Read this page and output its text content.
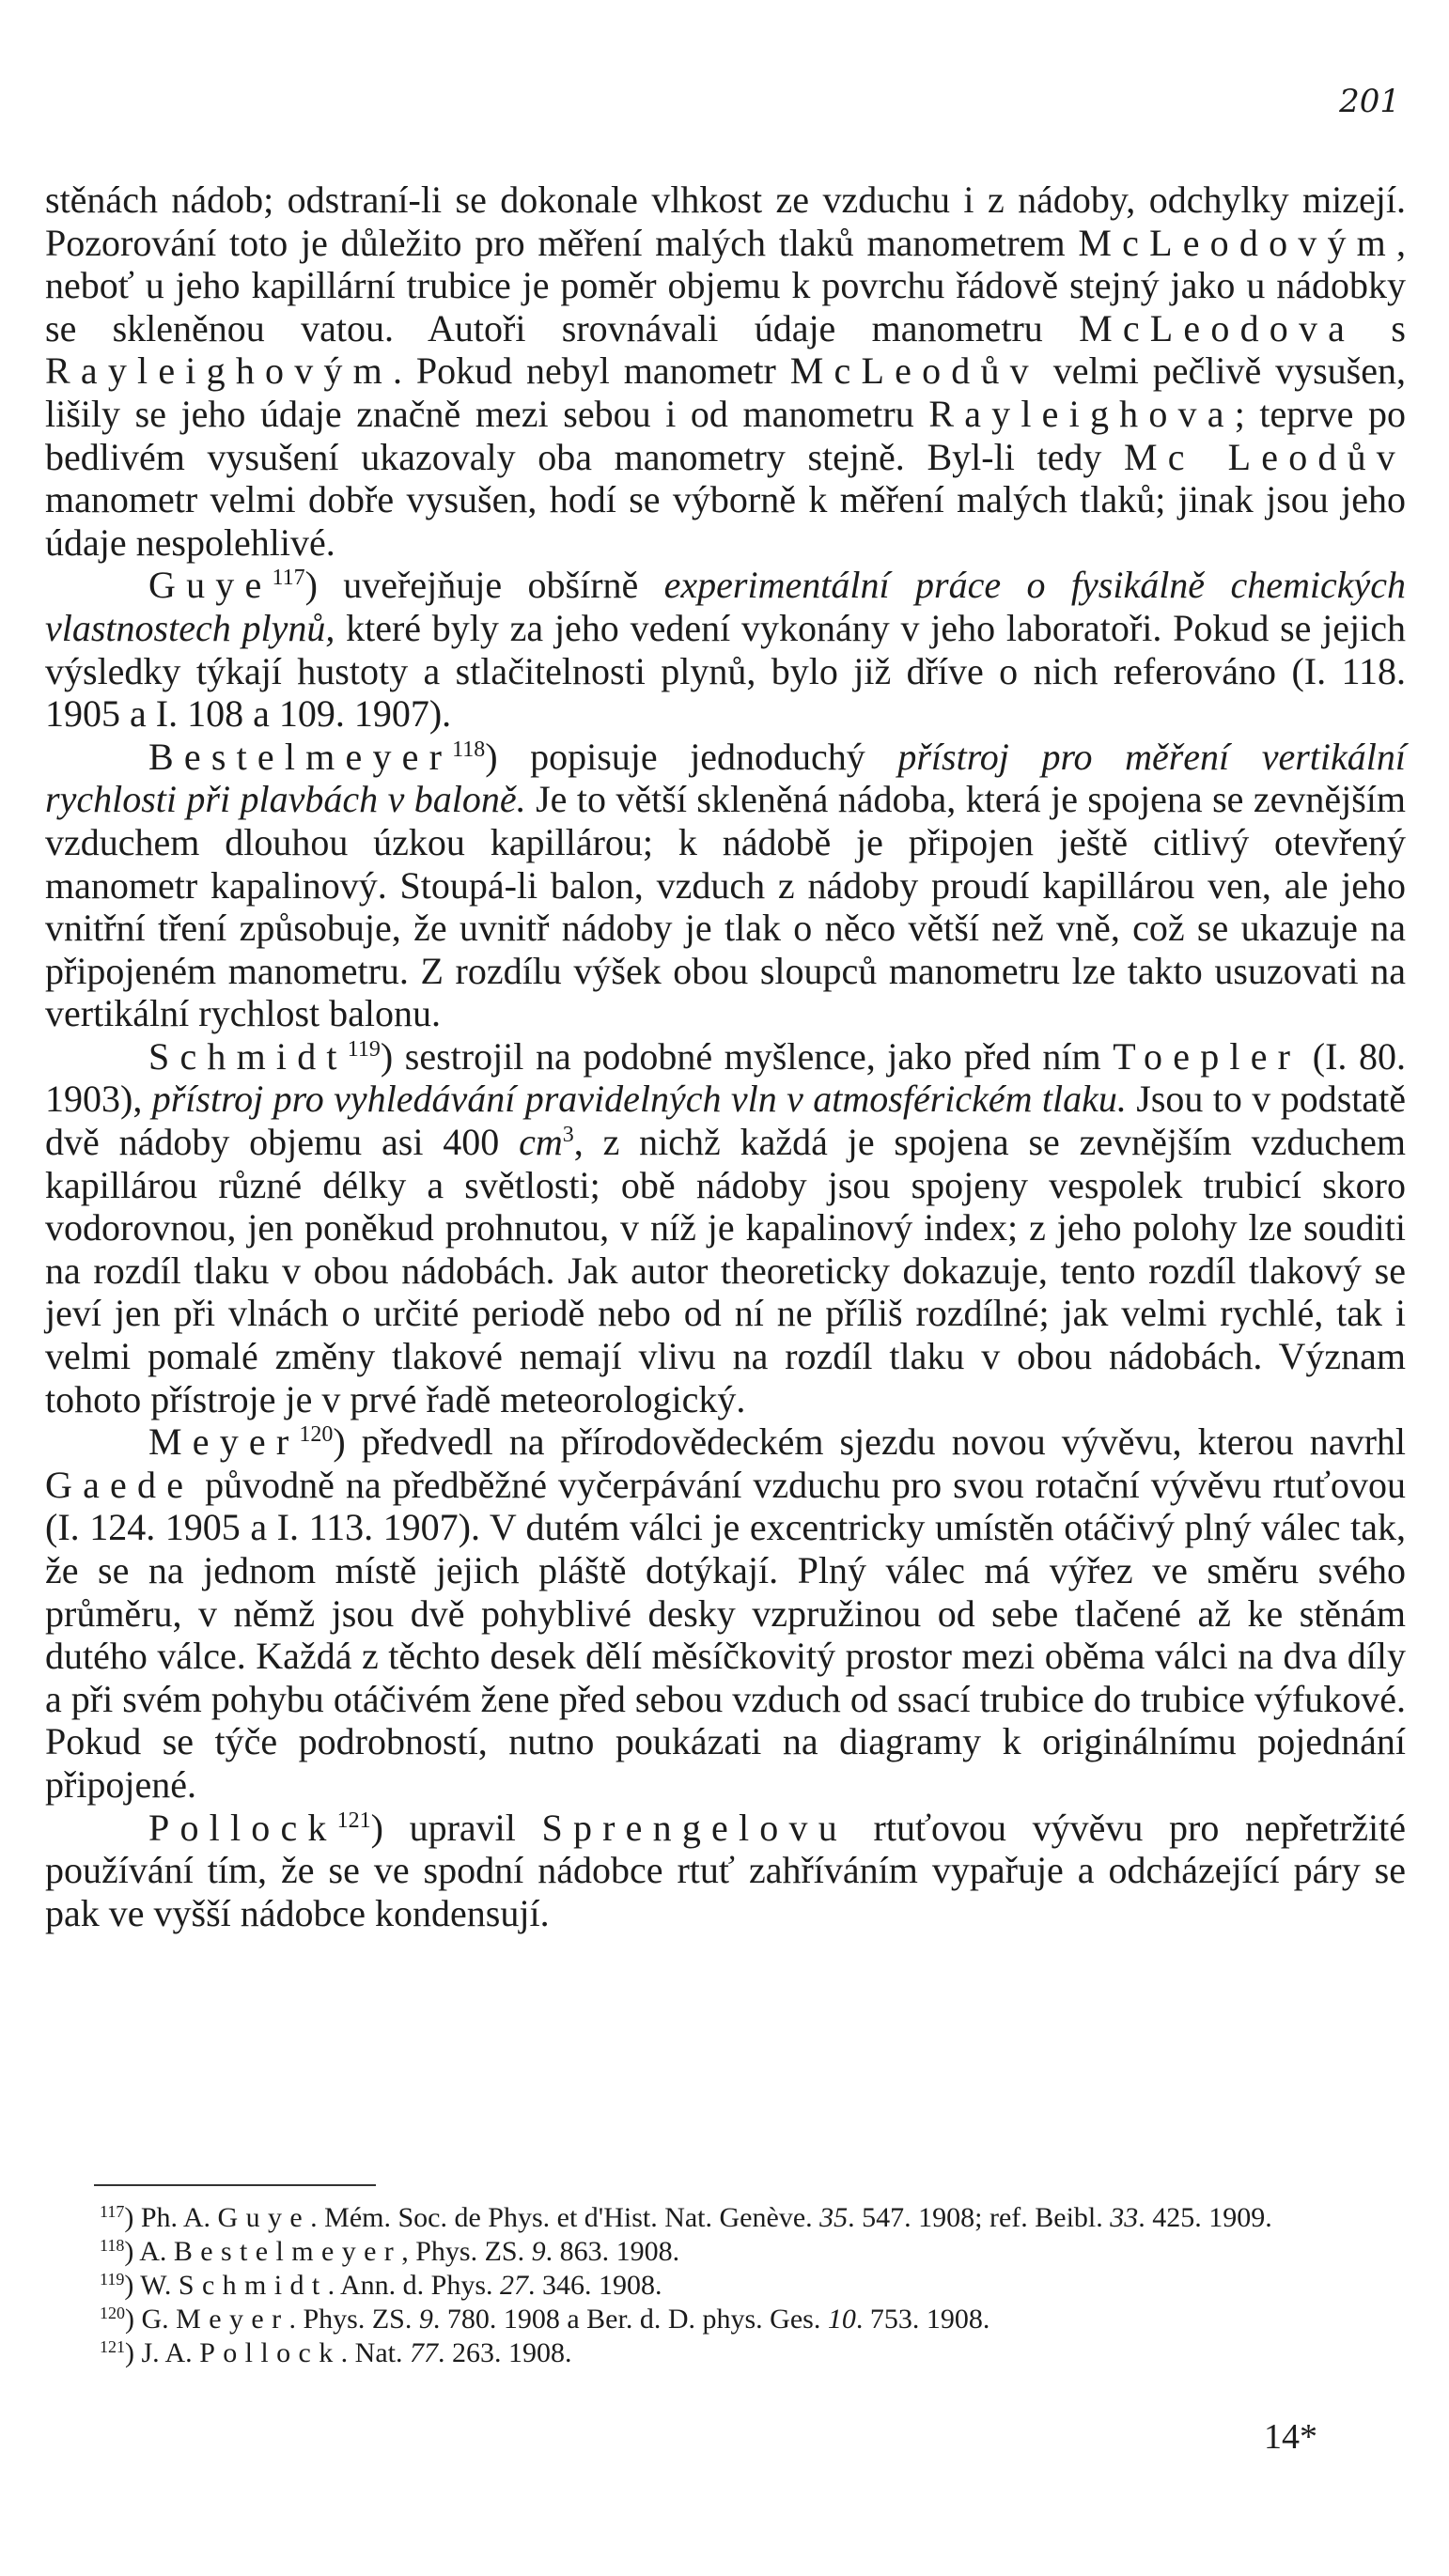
201

stěnách nádob; odstraní-li se dokonale vlhkost ze vzduchu i z nádoby, odchylky mizejí. Pozorování toto je důležito pro měření malých tlaků manometrem McLeodovým, neboť u jeho kapillární trubice je poměr objemu k povrchu řádově stejný jako u nádobky se skleněnou vatou. Autoři srovnávali údaje manometru McLeodova s Rayleighovým. Pokud nebyl manometr McLeodův velmi pečlivě vysušen, lišily se jeho údaje značně mezi sebou i od manometru Rayleighova; teprve po bedlivém vysušení ukazovaly oba manometry stejně. Byl-li tedy Mc Leodův manometr velmi dobře vysušen, hodí se výborně k měření malých tlaků; jinak jsou jeho údaje nespolehlivé.

Guye$^{117}$) uveřejňuje obšírně experimentální práce o fysikálně chemických vlastnostech plynů, které byly za jeho vedení vykonány v jeho laboratoři. Pokud se jejich výsledky týkají hustoty a stlačitelnosti plynů, bylo již dříve o nich referováno (I. 118. 1905 a I. 108 a 109. 1907).

Bestelmeyer$^{118}$) popisuje jednoduchý přístroj pro měření vertikální rychlosti při plavbách v baloně. Je to větší skleněná nádoba, která je spojena se zevnějším vzduchem dlouhou úzkou kapillárou; k nádobě je připojen ještě citlivý otevřený manometr kapalinový. Stoupá-li balon, vzduch z nádoby proudí kapillárou ven, ale jeho vnitřní tření způsobuje, že uvnitř nádoby je tlak o něco větší než vně, což se ukazuje na připojeném manometru. Z rozdílu výšek obou sloupců manometru lze takto usuzovati na vertikální rychlost balonu.

Schmidt$^{119}$) sestrojil na podobné myšlence, jako před ním Toepler (I. 80. 1903), přístroj pro vyhledávání pravidelných vln v atmosférickém tlaku. Jsou to v podstatě dvě nádoby objemu asi 400 $cm^3$, z nichž každá je spojena se zevnějším vzduchem kapillárou různé délky a světlosti; obě nádoby jsou spojeny vespolek trubicí skoro vodorovnou, jen poněkud prohnutou, v níž je kapalinový index; z jeho polohy lze souditi na rozdíl tlaku v obou nádobách. Jak autor theoreticky dokazuje, tento rozdíl tlakový se jeví jen při vlnách o určité periodě nebo od ní ne příliš rozdílné; jak velmi rychlé, tak i velmi pomalé změny tlakové nemají vlivu na rozdíl tlaku v obou nádobách. Význam tohoto přístroje je v prvé řadě meteorologický.

Meyer$^{120}$) předvedl na přírodovědeckém sjezdu novou vývěvu, kterou navrhl Gaede původně na předběžné vyčerpávání vzduchu pro svou rotační vývěvu rtuťovou (I. 124. 1905 a I. 113. 1907). V dutém válci je excentricky umístěn otáčivý plný válec tak, že se na jednom místě jejich pláště dotýkají. Plný válec má výřez ve směru svého průměru, v němž jsou dvě pohyblivé desky vzpružinou od sebe tlačené až ke stěnám dutého válce. Každá z těchto desek dělí měsíčkovitý prostor mezi oběma válci na dva díly a při svém pohybu otáčivém žene před sebou vzduch od ssací trubice do trubice výfukové. Pokud se týče podrobností, nutno poukázati na diagramy k originálnímu pojednání připojené.

Pollock$^{121}$) upravil Sprengelovu rtuťovou vývěvu pro nepřetržité používání tím, že se ve spodní nádobce rtuť zahříváním vypařuje a odcházející páry se pak ve vyšší nádobce kondensují.

$^{117}$) Ph. A. Guye. Mém. Soc. de Phys. et d'Hist. Nat. Genève. 35. 547. 1908; ref. Beibl. 33. 425. 1909.

$^{118}$) A. Bestelmeyer, Phys. ZS. 9. 863. 1908.

$^{119}$) W. Schmidt. Ann. d. Phys. 27. 346. 1908.

$^{120}$) G. Meyer. Phys. ZS. 9. 780. 1908 a Ber. d. D. phys. Ges. 10. 753. 1908.

$^{121}$) J. A. Pollock. Nat. 77. 263. 1908.

14*
